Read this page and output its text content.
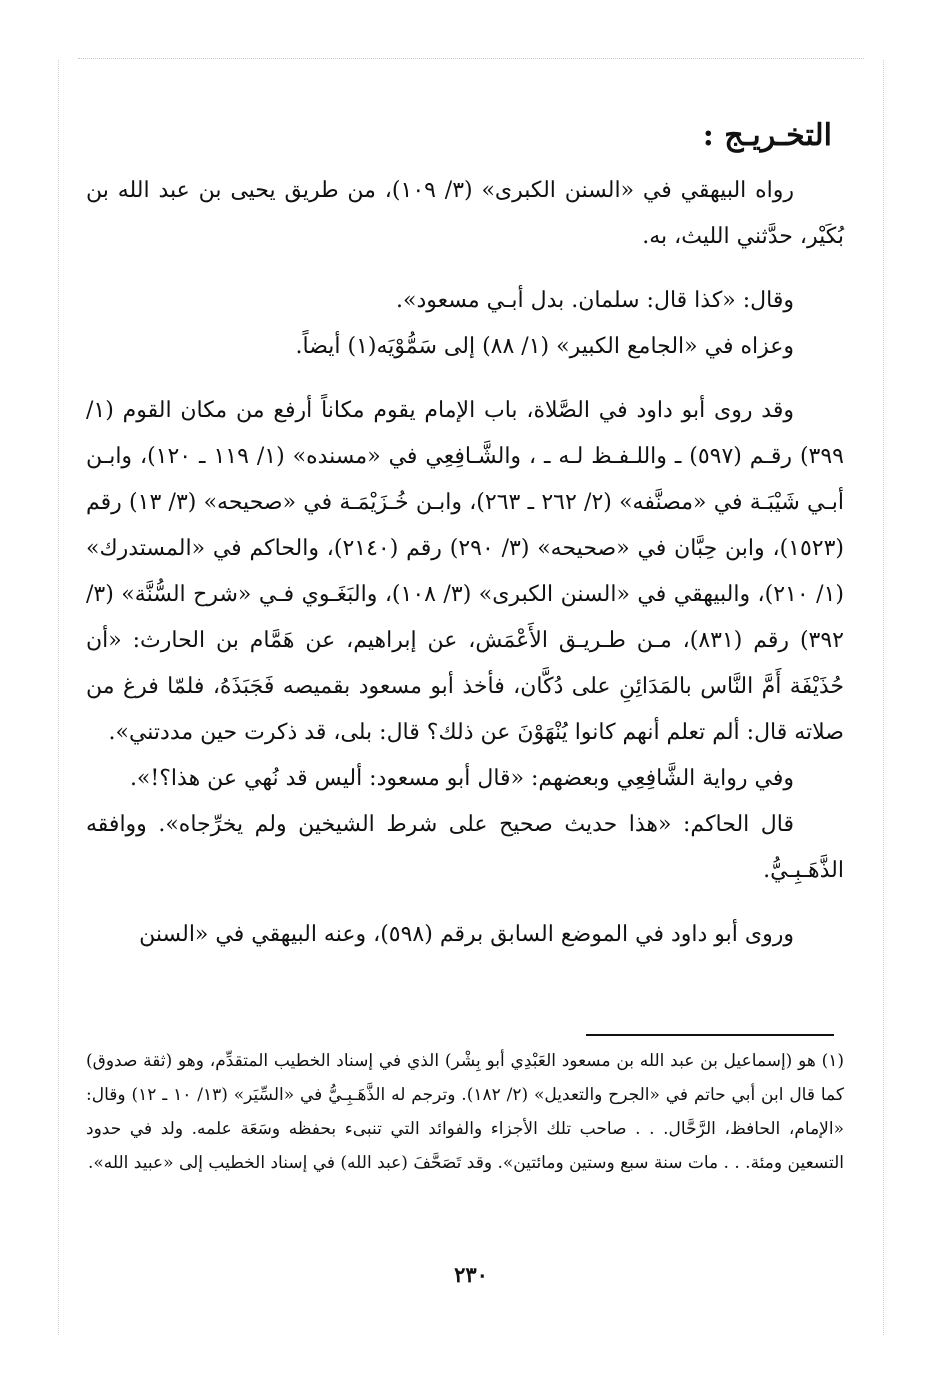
التخـريـج :

رواه البيهقي في «السنن الكبرى» (٣/ ١٠٩)، من طريق يحيى بن عبد الله بن بُكَيْر، حدَّثني الليث، به.

وقال: «كذا قال: سلمان. بدل أبـي مسعود».

وعزاه في «الجامع الكبير» (١/ ٨٨) إلى سَمُّوْيَه(١) أيضاً.

وقد روى أبو داود في الصَّلاة، باب الإمام يقوم مكاناً أرفع من مكان القوم (١/ ٣٩٩) رقـم (٥٩٧) ـ واللـفـظ لـه ـ ، والشَّـافِعِي في «مسنده» (١/ ١١٩ ـ ١٢٠)، وابـن أبـي شَيْبَـة في «مصنَّفه» (٢/ ٢٦٢ ـ ٢٦٣)، وابـن خُـزَيْمَـة في «صحيحه» (٣/ ١٣) رقم (١٥٢٣)، وابن حِبَّان في «صحيحه» (٣/ ٢٩٠) رقم (٢١٤٠)، والحاكم في «المستدرك» (١/ ٢١٠)، والبيهقي في «السنن الكبرى» (٣/ ١٠٨)، والبَغَـوي فـي «شرح السُّنَّة» (٣/ ٣٩٢) رقم (٨٣١)، مـن طـريـق الأَعْمَش، عن إبراهيم، عن هَمَّام بن الحارث: «أن حُذَيْفَة أَمَّ النَّاس بالمَدَائِنِ على دُكَّان، فأخذ أبو مسعود بقميصه فَجَبَذَهُ، فلمّا فرغ من صلاته قال: ألم تعلم أنهم كانوا يُنْهَوْنَ عن ذلك؟ قال: بلى، قد ذكرت حين مددتني».

وفي رواية الشَّافِعِي وبعضهم: «قال أبو مسعود: أليس قد نُهي عن هذا؟!».

قال الحاكم: «هذا حديث صحيح على شرط الشيخين ولم يخرِّجاه». ووافقه الذَّهَـبِـيُّ.

وروى أبو داود في الموضع السابق برقم (٥٩٨)، وعنه البيهقي في «السنن

(١) هو (إسماعيل بن عبد الله بن مسعود العَبْدِي أبو بِشْر) الذي في إسناد الخطيب المتقدِّم، وهو (ثقة صدوق) كما قال ابن أبي حاتم في «الجرح والتعديل» (٢/ ١٨٢). وترجم له الذَّهَـبِـيُّ في «السِّيَر» (١٣/ ١٠ ـ ١٢) وقال: «الإمام، الحافظ، الرَّحَّال. . . صاحب تلك الأجزاء والفوائد التي تنبىء بحفظه وسَعَة علمه. ولد في حدود التسعين ومئة. . . مات سنة سبع وستين ومائتين». وقد تَصَحَّفَ (عبد الله) في إسناد الخطيب إلى «عبيد الله».
٢٣٠
